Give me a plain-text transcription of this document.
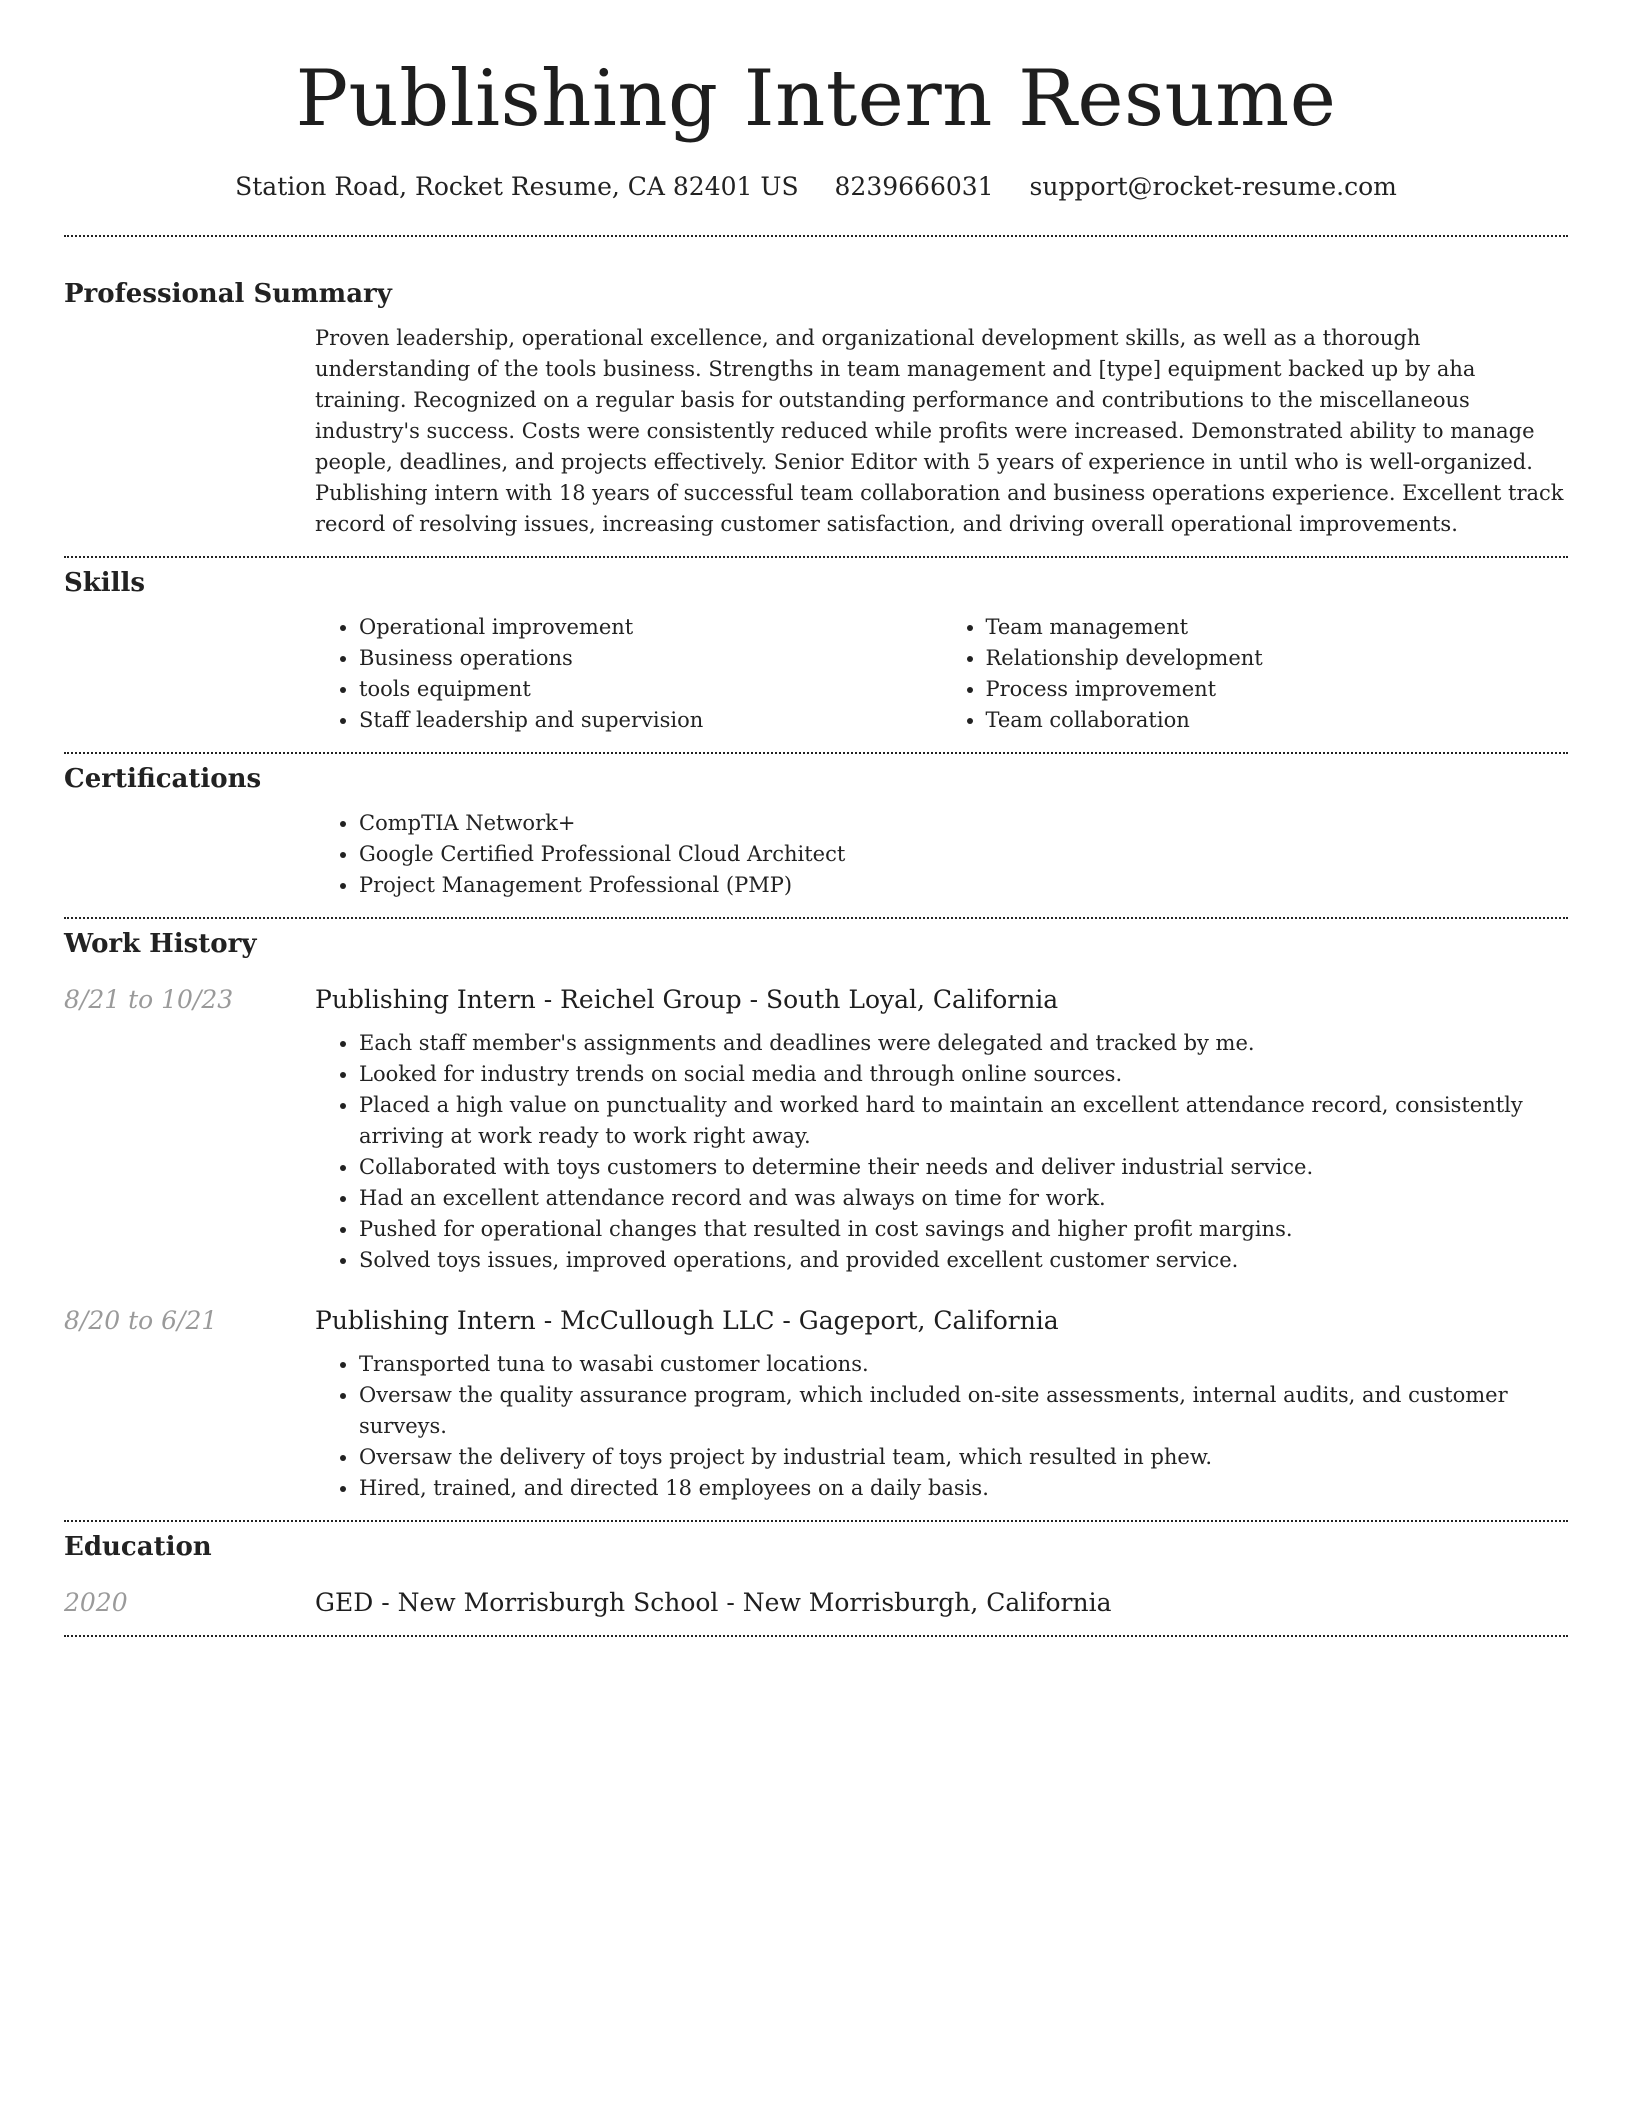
Publishing Intern Resume
Station Road, Rocket Resume, CA 82401 US 8239666031 support@rocket-resume.com
Professional Summary
Proven leadership, operational excellence, and organizational development skills, as well as a thorough understanding of the tools business. Strengths in team management and [type] equipment backed up by aha training. Recognized on a regular basis for outstanding performance and contributions to the miscellaneous industry's success. Costs were consistently reduced while profits were increased. Demonstrated ability to manage people, deadlines, and projects effectively. Senior Editor with 5 years of experience in until who is well-organized. Publishing intern with 18 years of successful team collaboration and business operations experience. Excellent track record of resolving issues, increasing customer satisfaction, and driving overall operational improvements.
Skills
• Operational improvement
• Business operations
• tools equipment
• Staff leadership and supervision
• Team management
• Relationship development
• Process improvement
• Team collaboration
Certifications
• CompTIA Network+
• Google Certified Professional Cloud Architect
• Project Management Professional (PMP)
Work History
8/21 to 10/23	Publishing Intern - Reichel Group - South Loyal, California
• Each staff member's assignments and deadlines were delegated and tracked by me.
• Looked for industry trends on social media and through online sources.
• Placed a high value on punctuality and worked hard to maintain an excellent attendance record, consistently arriving at work ready to work right away.
• Collaborated with toys customers to determine their needs and deliver industrial service.
• Had an excellent attendance record and was always on time for work.
• Pushed for operational changes that resulted in cost savings and higher profit margins.
• Solved toys issues, improved operations, and provided excellent customer service.
8/20 to 6/21	Publishing Intern - McCullough LLC - Gageport, California
• Transported tuna to wasabi customer locations.
• Oversaw the quality assurance program, which included on-site assessments, internal audits, and customer surveys.
• Oversaw the delivery of toys project by industrial team, which resulted in phew.
• Hired, trained, and directed 18 employees on a daily basis.
Education
2020	GED - New Morrisburgh School - New Morrisburgh, California
